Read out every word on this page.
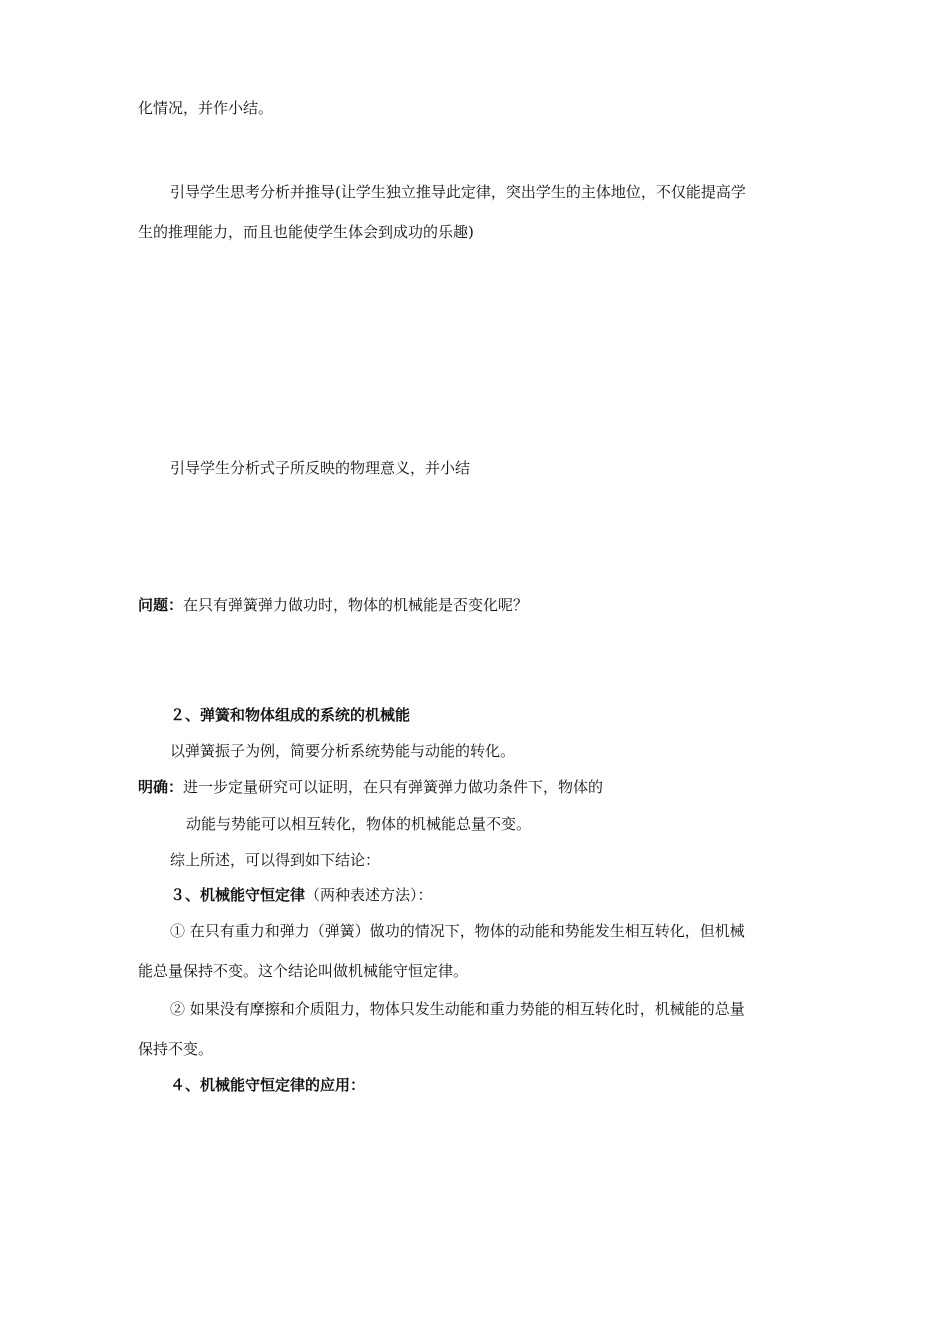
化情况，并作小结。
引导学生思考分析并推导(让学生独立推导此定律，突出学生的主体地位，不仅能提高学
生的推理能力，而且也能使学生体会到成功的乐趣)
引导学生分析式子所反映的物理意义，并小结
问题：在只有弹簧弹力做功时，物体的机械能是否变化呢？
２、弹簧和物体组成的系统的机械能
以弹簧振子为例，简要分析系统势能与动能的转化。
明确：进一步定量研究可以证明，在只有弹簧弹力做功条件下，物体的
动能与势能可以相互转化，物体的机械能总量不变。
综上所述，可以得到如下结论：
３、机械能守恒定律（两种表述方法）：
① 在只有重力和弹力（弹簧）做功的情况下，物体的动能和势能发生相互转化，但机械
能总量保持不变。这个结论叫做机械能守恒定律。
② 如果没有摩擦和介质阻力，物体只发生动能和重力势能的相互转化时，机械能的总量
保持不变。
４、机械能守恒定律的应用：
